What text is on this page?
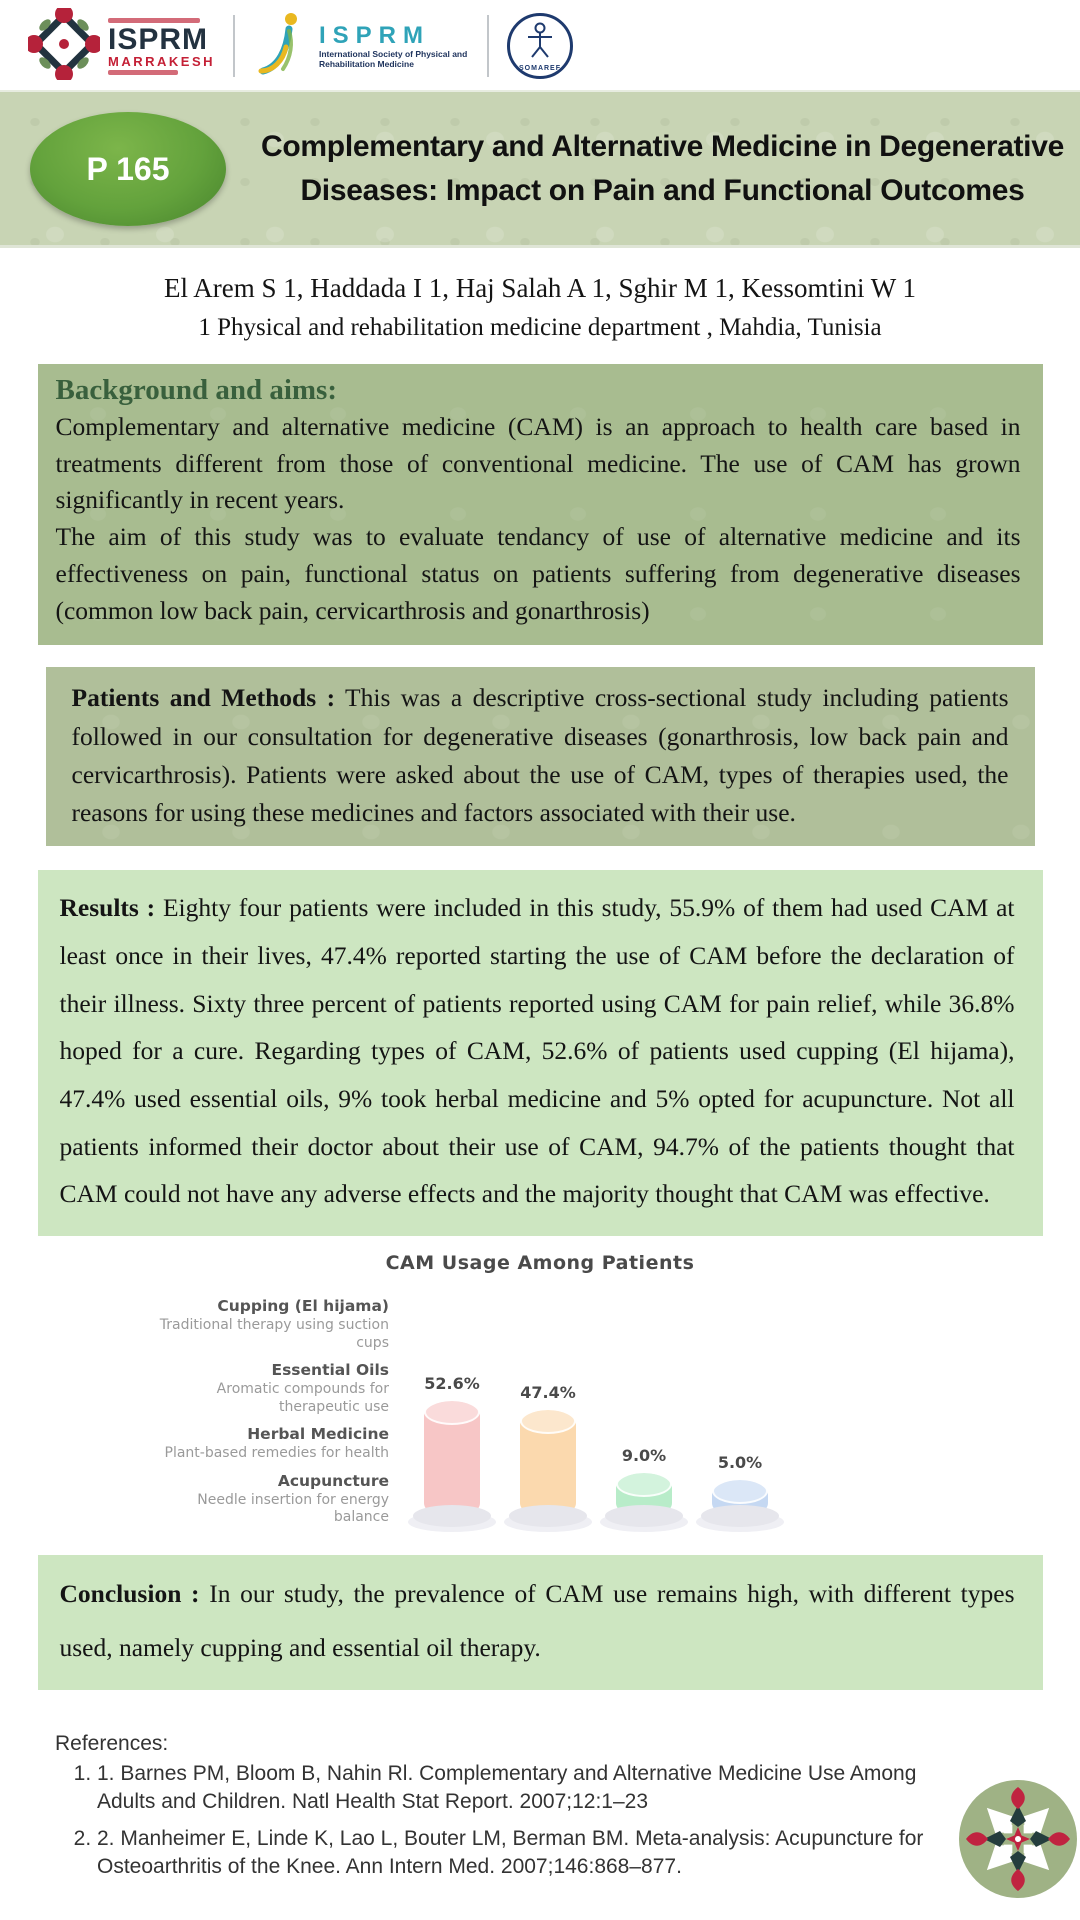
ISPRM
MARRAKESH
ISPRM
International Society of Physical and Rehabilitation Medicine	SOMAREF
P 165
Complementary and Alternative Medicine in Degenerative Diseases: Impact on Pain and Functional Outcomes
El Arem S 1, Haddada I 1, Haj Salah A 1, Sghir M 1, Kessomtini W 1
1 Physical and rehabilitation medicine department , Mahdia, Tunisia
Background and aims:

Complementary and alternative medicine (CAM) is an approach to health care based in treatments different from those of conventional medicine. The use of CAM has grown significantly in recent years.

The aim of this study was to evaluate tendancy of use of alternative medicine and its effectiveness on pain, functional status on patients suffering from degenerative diseases (common low back pain, cervicarthrosis and gonarthrosis)

Patients and Methods : This was a descriptive cross-sectional study including patients followed in our consultation for degenerative diseases (gonarthrosis, low back pain and cervicarthrosis). Patients were asked about the use of CAM, types of therapies used, the reasons for using these medicines and factors associated with their use.

Results : Eighty four patients were included in this study, 55.9% of them had used CAM at least once in their lives, 47.4% reported starting the use of CAM before the declaration of their illness. Sixty three percent of patients reported using CAM for pain relief, while 36.8% hoped for a cure. Regarding types of CAM, 52.6% of patients used cupping (El hijama), 47.4% used essential oils, 9% took herbal medicine and 5% opted for acupuncture. Not all patients informed their doctor about their use of CAM, 94.7% of the patients thought that CAM could not have any adverse effects and the majority thought that CAM was effective.

CAM Usage Among Patients
Cupping (El hijama)
Traditional therapy using suction cups
Essential Oils
Aromatic compounds for therapeutic use
Herbal Medicine
Plant-based remedies for health
Acupuncture
Needle insertion for energy balance
52.6%	47.4%
9.0%	5.0%

Conclusion : In our study, the prevalence of CAM use remains high, with different types used, namely cupping and essential oil therapy.

References:
1. 1. Barnes PM, Bloom B, Nahin Rl. Complementary and Alternative Medicine Use Among Adults and Children. Natl Health Stat Report. 2007;12:1–23
2. 2. Manheimer E, Linde K, Lao L, Bouter LM, Berman BM. Meta-analysis: Acupuncture for Osteoarthritis of the Knee. Ann Intern Med. 2007;146:868–877.
